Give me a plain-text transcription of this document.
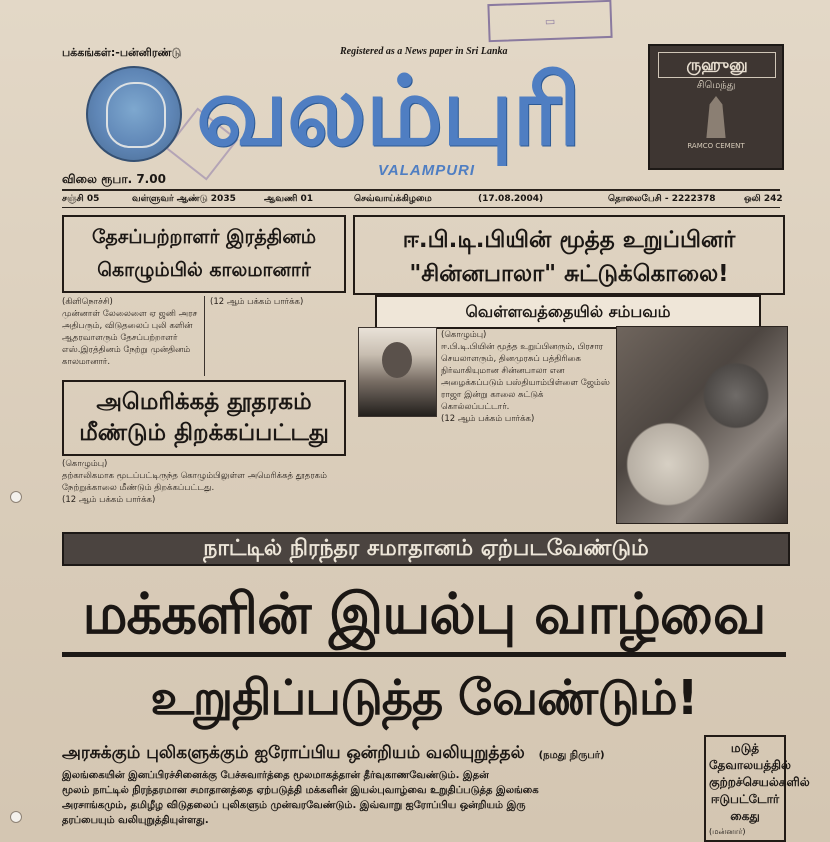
▭
பக்கங்கள்:-பன்னிரண்டு	Registered as a News paper in Sri Lanka
வலம்புரி
VALAMPURI
ருஹுனு
சிமெந்து
RAMCO CEMENT
விலை ரூபா. 7.00
சஞ்சி 05	வள்ளுவர் ஆண்டு 2035	ஆவணி 01	செவ்வாய்க்கிழமை	(17.08.2004)	தொலைபேசி - 2222378	ஒலி 242
தேசப்பற்றாளர் இரத்தினம்
கொழும்பில் காலமானார்
(கிளிநொச்சி)
முன்னாள் லேலைளை ஏ ஜனி அரச அதிபரும், விடுதலைப் புலி களின் ஆதரவாளரும் தேசப்பற்றாளர் எஸ்.இரத்தினம் நேற்று முன்தினம் காலமானார்.
(12 ஆம் பக்கம் பார்க்க)
ஈ.பி.டி.பியின் மூத்த உறுப்பினர்
"சின்னபாலா" சுட்டுக்கொலை!
வெள்ளவத்தையில் சம்பவம்
(கொழும்பு)
ஈ.பி.டி.பியின் மூத்த உறுப்பினரும், பிரசார செயலாளரும், தினமுரசுப் பத்திரிகை நிர்வாகியுமான சின்னபாலா என அழைக்கப்படும் பஸ்தியாம்பிள்ளை ஜேம்ஸ் ராஜா இன்று காலை சுட்டுக் கொல்லப்பட்டார்.
(12 ஆம் பக்கம் பார்க்க)
அமெரிக்கத் தூதரகம்
மீண்டும் திறக்கப்பட்டது
(கொழும்பு)
தற்காலிகமாக மூடப்பட்டிருந்த கொழும்பிலுள்ள அமெரிக்கத் தூதரகம் நேற்றுக்காலை மீண்டும் திறக்கப்பட்டது.
(12 ஆம் பக்கம் பார்க்க)
நாட்டில் நிரந்தர சமாதானம் ஏற்படவேண்டும்
மக்களின் இயல்பு வாழ்வை
உறுதிப்படுத்த வேண்டும்!
அரசுக்கும் புலிகளுக்கும் ஐரோப்பிய ஒன்றியம் வலியுறுத்தல் (நமது நிருபர்)
இலங்கையின் இனப்பிரச்சினைக்கு பேச்சுவார்த்தை மூலமாகத்தான் தீர்வுகாணவேண்டும். இதன்
மூலம் நாட்டில் நிரந்தரமான சமாதானத்தை ஏற்படுத்தி மக்களின் இயல்புவாழ்வை உறுதிப்படுத்த இலங்கை
அரசாங்கமும், தமிழீழ விடுதலைப் புலிகளும் முன்வரவேண்டும். இவ்வாறு ஐரோப்பிய ஒன்றியம் இரு
தரப்பையும் வலியுறுத்தியுள்ளது.
மடுத் தேவாலயத்தில் குற்றச்செயல்களில் ஈடுபட்டோர் கைது
(மன்னார்)
